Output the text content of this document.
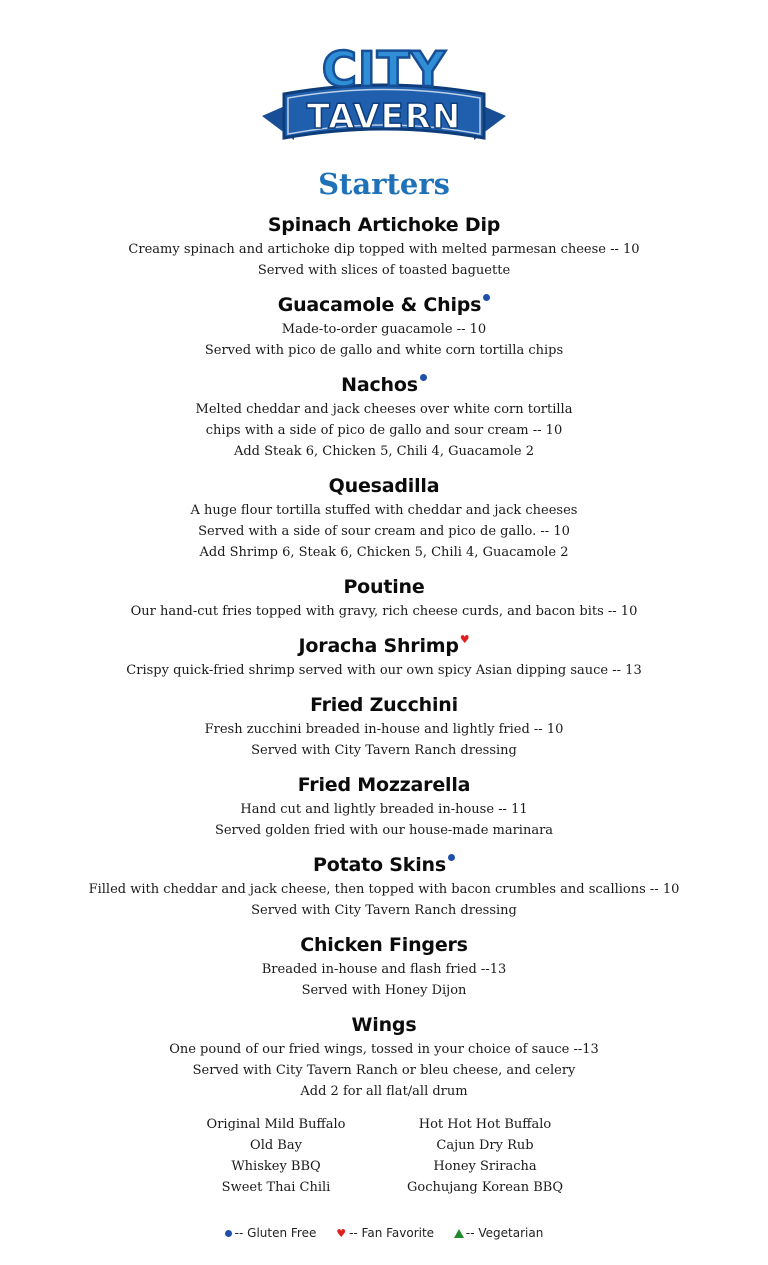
CITY
TAVERN
Starters
Spinach Artichoke Dip
Creamy spinach and artichoke dip topped with melted parmesan cheese -- 10
Served with slices of toasted baguette
Guacamole & Chips
Made-to-order guacamole -- 10
Served with pico de gallo and white corn tortilla chips
Nachos
Melted cheddar and jack cheeses over white corn tortilla
chips with a side of pico de gallo and sour cream -- 10
Add Steak 6, Chicken 5, Chili 4, Guacamole 2
Quesadilla
A huge flour tortilla stuffed with cheddar and jack cheeses
Served with a side of sour cream and pico de gallo. -- 10
Add Shrimp 6, Steak 6, Chicken 5, Chili 4, Guacamole 2
Poutine
Our hand-cut fries topped with gravy, rich cheese curds, and bacon bits -- 10
Joracha Shrimp♥
Crispy quick-fried shrimp served with our own spicy Asian dipping sauce -- 13
Fried Zucchini
Fresh zucchini breaded in-house and lightly fried -- 10
Served with City Tavern Ranch dressing
Fried Mozzarella
Hand cut and lightly breaded in-house -- 11
Served golden fried with our house-made marinara
Potato Skins
Filled with cheddar and jack cheese, then topped with bacon crumbles and scallions -- 10
Served with City Tavern Ranch dressing
Chicken Fingers
Breaded in-house and flash fried --13
Served with Honey Dijon
Wings
One pound of our fried wings, tossed in your choice of sauce --13
Served with City Tavern Ranch or bleu cheese, and celery
Add 2 for all flat/all drum
Original Mild Buffalo
Old Bay
Whiskey BBQ
Sweet Thai Chili
Hot Hot Hot Buffalo
Cajun Dry Rub
Honey Sriracha
Gochujang Korean BBQ
-- Gluten Free ♥ -- Fan Favorite	-- Vegetarian
